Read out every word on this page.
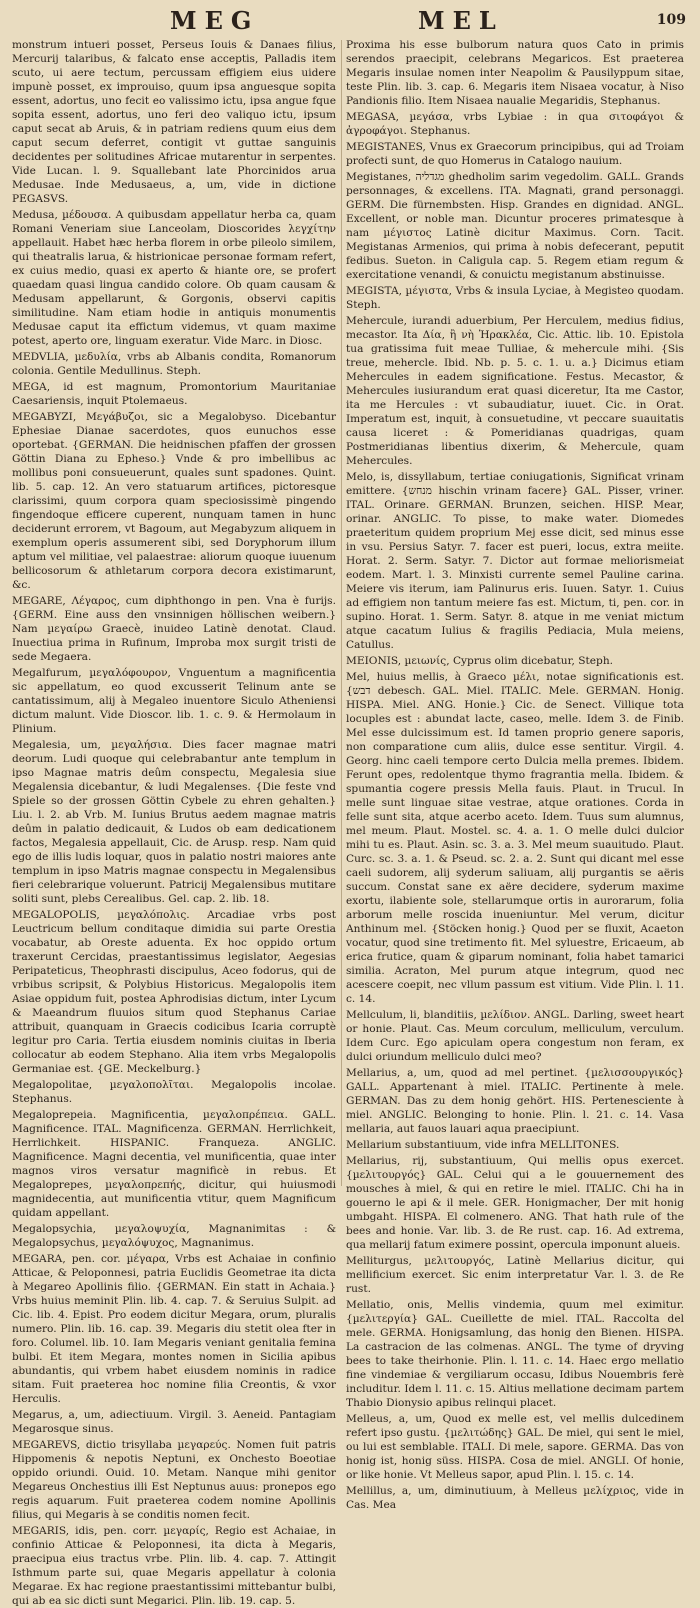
MEG	MEL	109

monstrum intueri posset, Perseus Iouis & Danaes filius, Mercurij talaribus, & falcato ense acceptis, Palladis item scuto, ui aere tectum, percussam effigiem eius uidere impunè posset, ex improuiso, quum ipsa anguesque sopita essent, adortus, uno fecit eo valissimo ictu, ipsa angue fque sopita essent, adortus, uno feri deo valiquo ictu, ipsum caput secat ab Aruis, & in patriam rediens quum eius dem caput secum deferret, contigit vt guttae sanguinis decidentes per solitudines Africae mutarentur in serpentes. Vide Lucan. l. 9. Squallebant late Phorcinidos arua Medusae. Inde Medusaeus, a, um, vide in dictione PEGASVS.

Medusa, µέδουσα. A quibusdam appellatur herba ca, quam Romani Veneriam siue Lanceolam, Dioscorides λεγχίτην appellauit. Habet hæc herba florem in orbe pileolo similem, qui theatralis larua, & histrionicae personae formam refert, ex cuius medio, quasi ex aperto & hiante ore, se profert quaedam quasi lingua candido colore. Ob quam causam & Medusam appellarunt, & Gorgonis, observi capitis similitudine. Nam etiam hodie in antiquis monumentis Medusae caput ita effictum videmus, vt quam maxime potest, aperto ore, linguam exeratur. Vide Marc. in Diosc.

MEDVLIA, µεδυλία, vrbs ab Albanis condita, Romanorum colonia. Gentile Medullinus. Steph.

MEGA, id est magnum, Promontorium Mauritaniae Caesariensis, inquit Ptolemaeus.

MEGABYZI, Μεγάβυζοι, sic a Megalobyso. Dicebantur Ephesiae Dianae sacerdotes, quos eunuchos esse oportebat. {GERMAN. Die heidnischen pfaffen der grossen Göttin Diana zu Epheso.} Vnde & pro imbellibus ac mollibus poni consueuerunt, quales sunt spadones. Quint. lib. 5. cap. 12. An vero statuarum artifices, pictoresque clarissimi, quum corpora quam speciosissimè pingendo fingendoque efficere cuperent, nunquam tamen in hunc deciderunt errorem, vt Bagoum, aut Megabyzum aliquem in exemplum operis assumerent sibi, sed Doryphorum illum aptum vel militiae, vel palaestrae: aliorum quoque iuuenum bellicosorum & athletarum corpora decora existimarunt, &c.

MEGARE, Λέγαρος, cum diphthongo in pen. Vna è furijs. {GERM. Eine auss den vnsinnigen höllischen weibern.} Nam µεγαίρω Graecè, inuideo Latinè denotat. Claud. Inuectiua prima in Rufinum, Improba mox surgit tristi de sede Megaera.

Megalfurum, µεγαλόφουρον, Vnguentum a magnificentia sic appellatum, eo quod excusserit Telinum ante se cantatissimum, alij à Megaleo inuentore Siculo Atheniensi dictum malunt. Vide Dioscor. lib. 1. c. 9. & Hermolaum in Plinium.

Megalesia, um, µεγαλήσια. Dies facer magnae matri deorum. Ludi quoque qui celebrabantur ante templum in ipso Magnae matris deûm conspectu, Megalesia siue Megalensia dicebantur, & ludi Megalenses. {Die feste vnd Spiele so der grossen Göttin Cybele zu ehren gehalten.} Liu. l. 2. ab Vrb. M. Iunius Brutus aedem magnae matris deûm in palatio dedicauit, & Ludos ob eam dedicationem factos, Megalesia appellauit, Cic. de Arusp. resp. Nam quid ego de illis ludis loquar, quos in palatio nostri maiores ante templum in ipso Matris magnae conspectu in Megalensibus fieri celebrarique voluerunt. Patricij Megalensibus mutitare soliti sunt, plebs Cerealibus. Gel. cap. 2. lib. 18.

MEGALOPOLIS, µεγαλόπολις. Arcadiae vrbs post Leuctricum bellum conditaque dimidia sui parte Orestia vocabatur, ab Oreste aduenta. Ex hoc oppido ortum traxerunt Cercidas, praestantissimus legislator, Aegesias Peripateticus, Theophrasti discipulus, Aceo fodorus, qui de vrbibus scripsit, & Polybius Historicus. Megalopolis item Asiae oppidum fuit, postea Aphrodisias dictum, inter Lycum & Maeandrum fluuios situm quod Stephanus Cariae attribuit, quanquam in Graecis codicibus Icaria corruptè legitur pro Caria. Tertia eiusdem nominis ciuitas in Iberia collocatur ab eodem Stephano. Alia item vrbs Megalopolis Germaniae est. {GE. Meckelburg.}

Megalopolitae, µεγαλοπολῖται. Megalopolis incolae. Stephanus.

Megaloprepeia. Magnificentia, µεγαλοπρέπεια. GALL. Magnificence. ITAL. Magnificenza. GERMAN. Herrlichkeit, Herrlichkeit. HISPANIC. Franqueza. ANGLIC. Magnificence. Magni decentia, vel munificentia, quae inter magnos viros versatur magnificè in rebus. Et Megaloprepes, µεγαλοπρεπής, dicitur, qui huiusmodi magnidecentia, aut munificentia vtitur, quem Magnificum quidam appellant.

Megalopsychia, µεγαλοψυχία, Magnanimitas : & Megalopsychus, µεγαλόψυχος, Magnanimus.

MEGARA, pen. cor. µέγαρα, Vrbs est Achaiae in confinio Atticae, & Peloponnesi, patria Euclidis Geometrae ita dicta à Megareo Apollinis filio. {GERMAN. Ein statt in Achaia.} Vrbs huius meminit Plin. lib. 4. cap. 7. & Seruius Sulpit. ad Cic. lib. 4. Epist. Pro eodem dicitur Megara, orum, pluralis numero. Plin. lib. 16. cap. 39. Megaris diu stetit olea fter in foro. Columel. lib. 10. Iam Megaris veniant genitalia femina bulbi. Et item Megara, montes nomen in Sicilia apibus abundantis, qui vrbem habet eiusdem nominis in radice sitam. Fuit praeterea hoc nomine filia Creontis, & vxor Herculis.

Megarus, a, um, adiectiuum. Virgil. 3. Aeneid. Pantagiam Megarosque sinus.

MEGAREVS, dictio trisyllaba µεγαρεύς. Nomen fuit patris Hippomenis & nepotis Neptuni, ex Onchesto Boeotiae oppido oriundi. Ouid. 10. Metam. Nanque mihi genitor Megareus Onchestius illi Est Neptunus auus: pronepos ego regis aquarum. Fuit praeterea codem nomine Apollinis filius, qui Megaris à se conditis nomen fecit.

MEGARIS, idis, pen. corr. µεγαρίς, Regio est Achaiae, in confinio Atticae & Peloponnesi, ita dicta à Megaris, praecipua eius tractus vrbe. Plin. lib. 4. cap. 7. Attingit Isthmum parte sui, quae Megaris appellatur à colonia Megarae. Ex hac regione praestantissimi mittebantur bulbi, qui ab ea sic dicti sunt Megarici. Plin. lib. 19. cap. 5.

Proxima his esse bulborum natura quos Cato in primis serendos praecipit, celebrans Megaricos. Est praeterea Megaris insulae nomen inter Neapolim & Pausilyppum sitae, teste Plin. lib. 3. cap. 6. Megaris item Nisaea vocatur, à Niso Pandionis filio. Item Nisaea naualie Megaridis, Stephanus.

MEGASA, µεγάσα, vrbs Lybiae : in qua σιτοφάγοι & ἀγροφάγοι. Stephanus.

MEGISTANES, Vnus ex Graecorum principibus, qui ad Troiam profecti sunt, de quo Homerus in Catalogo nauium.

Megistanes, מגדליה ghedholim sarim vegedolim. GALL. Grands personnages, & excellens. ITA. Magnati, grand personaggi. GERM. Die fürnembsten. Hisp. Grandes en dignidad. ANGL. Excellent, or noble man. Dicuntur proceres primatesque à nam µέγιστος Latinè dicitur Maximus. Corn. Tacit. Megistanas Armenios, qui prima à nobis defecerant, peputit fedibus. Sueton. in Caligula cap. 5. Regem etiam regum & exercitatione venandi, & conuictu megistanum abstinuisse.

MEGISTA, µέγιστα, Vrbs & insula Lyciae, à Megisteo quodam. Steph.

Mehercule, iurandi aduerbium, Per Herculem, medius fidius, mecastor. Ita Δία, ἢ νὴ Ἡρακλέα, Cic. Attic. lib. 10. Epistola tua gratissima fuit meae Tulliae, & mehercule mihi. {Sis treue, mehercle. Ibid. Nb. p. 5. c. 1. u. a.} Dicimus etiam Mehercules in eadem significatione. Festus. Mecastor, & Mehercules iusiurandum erat quasi diceretur, Ita me Castor, ita me Hercules : vt subaudiatur, iuuet. Cic. in Orat. Imperatum est, inquit, à consuetudine, vt peccare suauitatis causa liceret : & Pomeridianas quadrigas, quam Postmeridianas libentius dixerim, & Mehercule, quam Mehercules.

Melo, is, dissyllabum, tertiae coniugationis, Significat vrinam emittere. {מנחש hischin vrinam facere} GAL. Pisser, vriner. ITAL. Orinare. GERMAN. Brunzen, seichen. HISP. Mear, orinar. ANGLIC. To pisse, to make water. Diomedes praeteritum quidem proprium Mej esse dicit, sed minus esse in vsu. Persius Satyr. 7. facer est pueri, locus, extra meiite. Horat. 2. Serm. Satyr. 7. Dictor aut formae meliorismeiat eodem. Mart. l. 3. Minxisti currente semel Pauline carina. Meiere vis iterum, iam Palinurus eris. Iuuen. Satyr. 1. Cuius ad effigiem non tantum meiere fas est. Mictum, ti, pen. cor. in supino. Horat. 1. Serm. Satyr. 8. atque in me veniat mictum atque cacatum Iulius & fragilis Pediacia, Mula meiens, Catullus.

MEIONIS, µειωνίς, Cyprus olim dicebatur, Steph.

Mel, huius mellis, à Graeco µέλι, notae significationis est. {דבש debesch. GAL. Miel. ITALIC. Mele. GERMAN. Honig. HISPA. Miel. ANG. Honie.} Cic. de Senect. Villique tota locuples est : abundat lacte, caseo, melle. Idem 3. de Finib. Mel esse dulcissimum est. Id tamen proprio genere saporis, non comparatione cum aliis, dulce esse sentitur. Virgil. 4. Georg. hinc caeli tempore certo Dulcia mella premes. Ibidem. Ferunt opes, redolentque thymo fragrantia mella. Ibidem. & spumantia cogere pressis Mella fauis. Plaut. in Trucul. In melle sunt linguae sitae vestrae, atque orationes. Corda in felle sunt sita, atque acerbo aceto. Idem. Tuus sum alumnus, mel meum. Plaut. Mostel. sc. 4. a. 1. O melle dulci dulcior mihi tu es. Plaut. Asin. sc. 3. a. 3. Mel meum suauitudo. Plaut. Curc. sc. 3. a. 1. & Pseud. sc. 2. a. 2. Sunt qui dicant mel esse caeli sudorem, alij syderum saliuam, alij purgantis se aëris succum. Constat sane ex aëre decidere, syderum maxime exortu, ilabiente sole, stellarumque ortis in aurorarum, folia arborum melle roscida inueniuntur. Mel verum, dicitur Anthinum mel. {Stöcken honig.} Quod per se fluxit, Acaeton vocatur, quod sine tretimento fit. Mel syluestre, Ericaeum, ab erica frutice, quam & giparum nominant, folia habet tamarici similia. Acraton, Mel purum atque integrum, quod nec acescere coepit, nec vllum passum est vitium. Vide Plin. l. 11. c. 14.

Mellculum, li, blanditiis, µελίδιον. ANGL. Darling, sweet heart or honie. Plaut. Cas. Meum corculum, melliculum, verculum. Idem Curc. Ego apiculam opera congestum non feram, ex dulci oriundum melliculo dulci meo?

Mellarius, a, um, quod ad mel pertinet. {µελισσουργικός} GALL. Appartenant à miel. ITALIC. Pertinente à mele. GERMAN. Das zu dem honig gehört. HIS. Pertenesciente à miel. ANGLIC. Belonging to honie. Plin. l. 21. c. 14. Vasa mellaria, aut fauos lauari aqua praecipiunt.

Mellarium substantiuum, vide infra MELLITONES.

Mellarius, rij, substantiuum, Qui mellis opus exercet. {µελιτουργός} GAL. Celui qui a le gouuernement des mousches à miel, & qui en retire le miel. ITALIC. Chi ha in gouerno le api & il mele. GER. Honigmacher, Der mit honig umbgaht. HISPA. El colmenero. ANG. That hath rule of the bees and honie. Var. lib. 3. de Re rust. cap. 16. Ad extrema, qua mellarij fatum eximere possint, opercula imponunt alueis.

Melliturgus, µελιτουργός, Latinè Mellarius dicitur, qui mellificium exercet. Sic enim interpretatur Var. l. 3. de Re rust.

Mellatio, onis, Mellis vindemia, quum mel eximitur. {µελιτεργία} GAL. Cueillette de miel. ITAL. Raccolta del mele. GERMA. Honigsamlung, das honig den Bienen. HISPA. La castracion de las colmenas. ANGL. The tyme of dryving bees to take theirhonie. Plin. l. 11. c. 14. Haec ergo mellatio fine vindemiae & vergiliarum occasu, Idibus Nouembris ferè includitur. Idem l. 11. c. 15. Altius mellatione decimam partem Thabio Dionysio apibus relinqui placet.

Melleus, a, um, Quod ex melle est, vel mellis dulcedinem refert ipso gustu. {µελιτώδης} GAL. De miel, qui sent le miel, ou lui est semblable. ITALI. Di mele, sapore. GERMA. Das von honig ist, honig süss. HISPA. Cosa de miel. ANGLI. Of honie, or like honie. Vt Melleus sapor, apud Plin. l. 15. c. 14.

Mellillus, a, um, diminutiuum, à Melleus µελίχριος, vide in Cas. Mea
